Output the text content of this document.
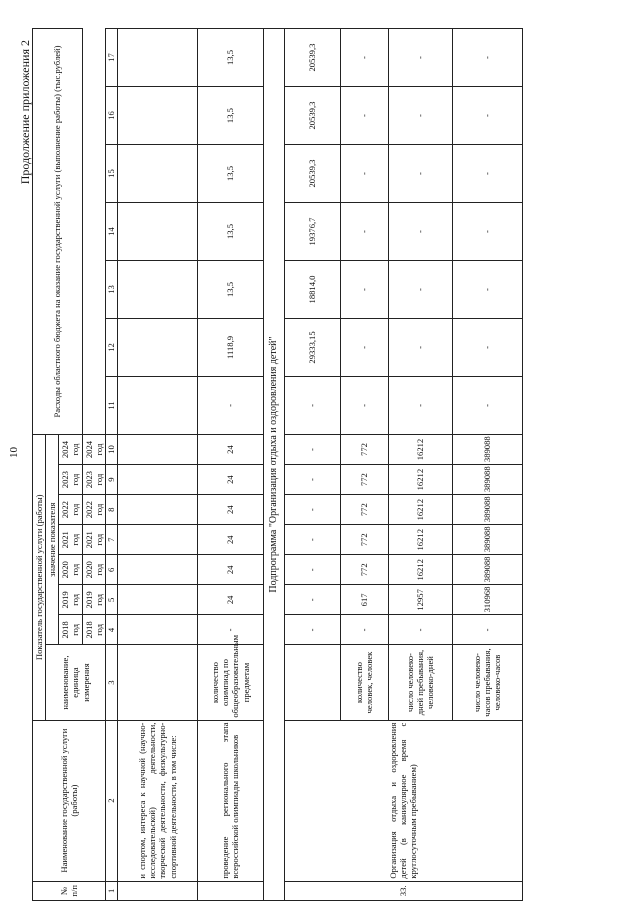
10
Продолжение приложения 2
№ п/п	Наименование государственной услуги (работы)	Показатель государственной услуги (работы)								Расходы областного бюджета на оказание государственной услуги (выполнение работы) (тыс.рублей)						
		наименование, единица измерения	значение показателя													
			2018 год	2019 год	2020 год	2021 год	2022 год	2023 год	2024 год							
			2018 год	2019 год	2020 год	2021 год	2022 год	2023 год	2024 год							
1	2	3	4	5	6	7	8	9	10	11	12	13	14	15	16	17
	и спортом, интереса к научной (научно-исследовательской) деятельности, творческой деятельности, физкультурно-спортивной деятельности, в том числе:															
	проведение регионального этапа всероссийской олимпиады школьников	количество олимпиад по общеобразовательным предметам	-	24	24	24	24	24	24	-	1118,9	13,5	13,5	13,5	13,5	13,5
Подпрограмма "Организация отдыха и оздоровления детей"																
33.	Организация отдыха и оздоровления детей (в каникулярное время с круглосуточным пребыванием)		-	-	-	-	-	-	-	-	29333,15	18814,0	19376,7	20539,3	20539,3	20539,3
		количество человек, человек	-	617	772	772	772	772	772	-	-	-	-	-	-	-
		число человеко-дней пребывания, человеко-дней	-	12957	16212	16212	16212	16212	16212	-	-	-	-	-	-	-
		число человеко-часов пребывания, человеко-часов	-	310968	389088	389088	389088	389088	389088	-	-	-	-	-	-	-
